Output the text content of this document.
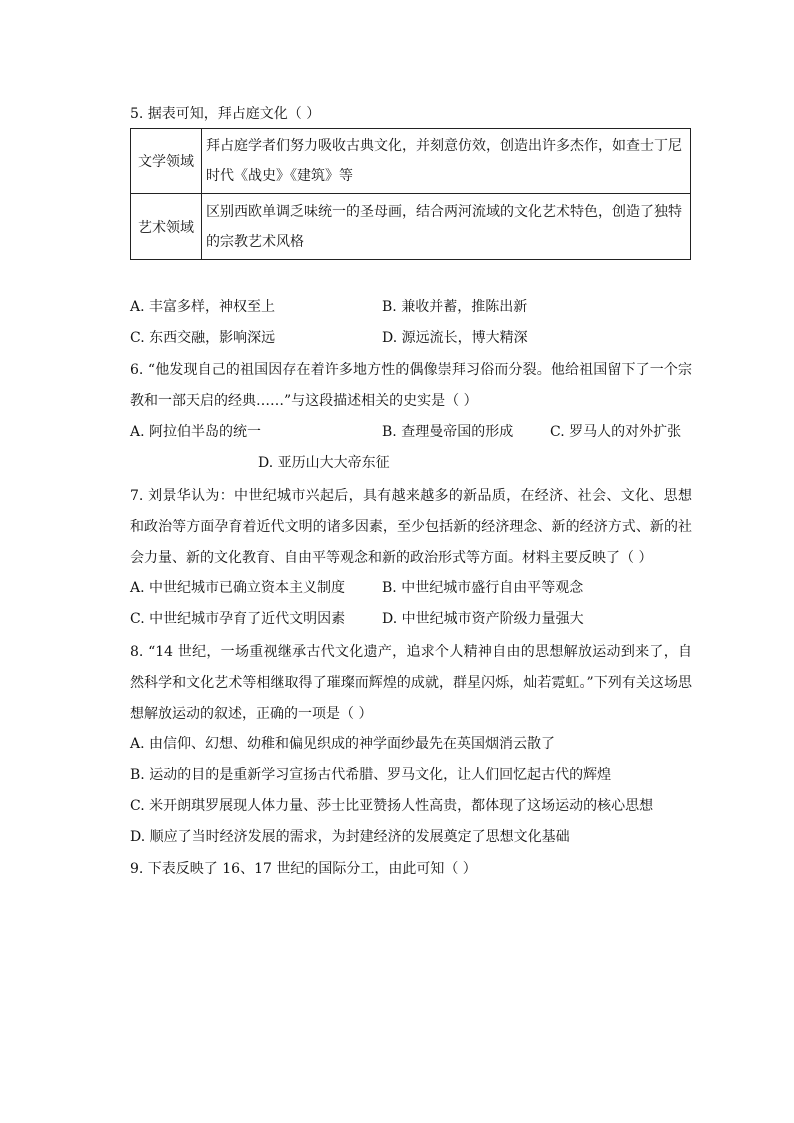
5. 据表可知，拜占庭文化（ ）
文学领域	拜占庭学者们努力吸收古典文化，并刻意仿效，创造出许多杰作，如查士丁尼时代《战史》《建筑》等
艺术领域	区别西欧单调乏味统一的圣母画，结合两河流域的文化艺术特色，创造了独特的宗教艺术风格
A. 丰富多样，神权至上	B. 兼收并蓄，推陈出新
C. 东西交融，影响深远	D. 源远流长，博大精深
6. “他发现自己的祖国因存在着许多地方性的偶像崇拜习俗而分裂。他给祖国留下了一个宗教和一部天启的经典……”与这段描述相关的史实是（ ）
A. 阿拉伯半岛的统一	B. 查理曼帝国的形成	C. 罗马人的对外扩张
D. 亚历山大大帝东征
7. 刘景华认为：中世纪城市兴起后，具有越来越多的新品质，在经济、社会、文化、思想和政治等方面孕育着近代文明的诸多因素，至少包括新的经济理念、新的经济方式、新的社会力量、新的文化教育、自由平等观念和新的政治形式等方面。材料主要反映了（ ）
A. 中世纪城市已确立资本主义制度	B. 中世纪城市盛行自由平等观念
C. 中世纪城市孕育了近代文明因素	D. 中世纪城市资产阶级力量强大
8. “14 世纪，一场重视继承古代文化遗产，追求个人精神自由的思想解放运动到来了，自然科学和文化艺术等相继取得了璀璨而辉煌的成就，群星闪烁，灿若霓虹。”下列有关这场思想解放运动的叙述，正确的一项是（ ）
A. 由信仰、幻想、幼稚和偏见织成的神学面纱最先在英国烟消云散了
B. 运动的目的是重新学习宣扬古代希腊、罗马文化，让人们回忆起古代的辉煌
C. 米开朗琪罗展现人体力量、莎士比亚赞扬人性高贵，都体现了这场运动的核心思想
D. 顺应了当时经济发展的需求，为封建经济的发展奠定了思想文化基础
9. 下表反映了 16、17 世纪的国际分工，由此可知（ ）
